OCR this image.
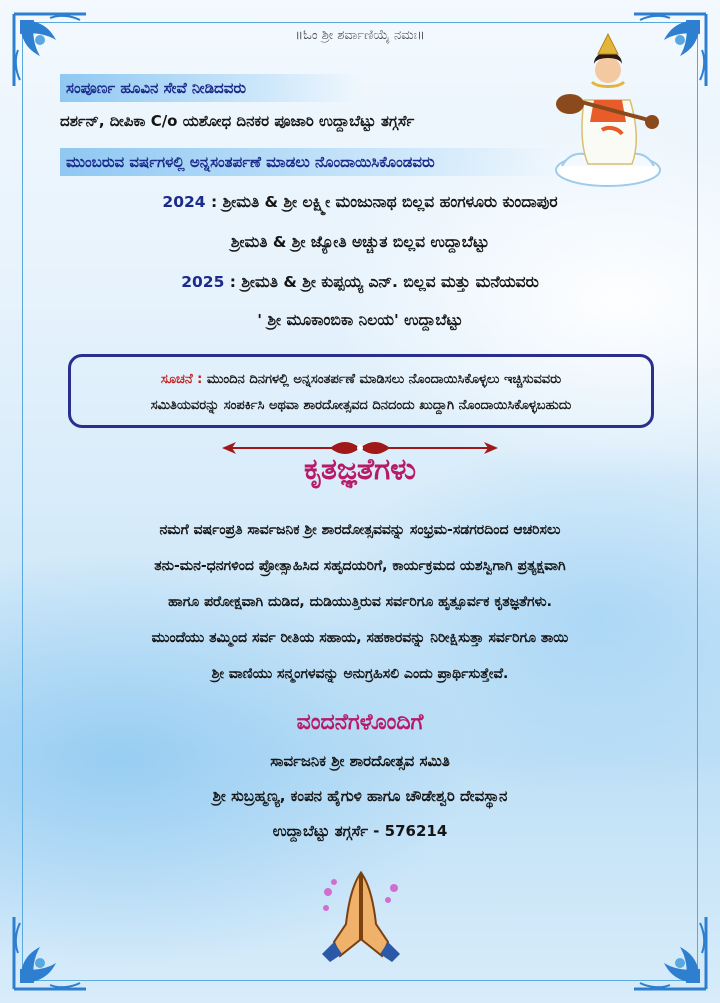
॥ಓಂ ಶ್ರೀ ಶರ್ವಾಣಿಯೈ ನಮಃ॥
ಸಂಪೂರ್ಣ ಹೂವಿನ ಸೇವೆ ನೀಡಿದವರು
ದರ್ಶನ್, ದೀಪಿಕಾ C/o ಯಶೋಧ ದಿನಕರ ಪೂಜಾರಿ ಉದ್ದಾಬೆಟ್ಟು ತಗ್ಗರ್ಸೆ
ಮುಂಬರುವ ವರ್ಷಗಳಲ್ಲಿ ಅನ್ನಸಂತರ್ಪಣೆ ಮಾಡಲು ನೊಂದಾಯಿಸಿಕೊಂಡವರು
2024 : ಶ್ರೀಮತಿ & ಶ್ರೀ ಲಕ್ಷ್ಮೀ ಮಂಜುನಾಥ ಬಿಲ್ಲವ ಹಂಗಳೂರು ಕುಂದಾಪುರ
ಶ್ರೀಮತಿ & ಶ್ರೀ ಜ್ಯೋತಿ ಅಚ್ಚುತ ಬಿಲ್ಲವ ಉದ್ದಾಬೆಟ್ಟು
2025 : ಶ್ರೀಮತಿ & ಶ್ರೀ ಕುಪ್ಪಯ್ಯ ಎನ್. ಬಿಲ್ಲವ ಮತ್ತು ಮನೆಯವರು
' ಶ್ರೀ ಮೂಕಾಂಬಿಕಾ ನಿಲಯ' ಉದ್ದಾಬೆಟ್ಟು
ಸೂಚನೆ : ಮುಂದಿನ ದಿನಗಳಲ್ಲಿ ಅನ್ನಸಂತರ್ಪಣೆ ಮಾಡಿಸಲು ನೊಂದಾಯಿಸಿಕೊಳ್ಳಲು ಇಚ್ಚಿಸುವವರು
ಸಮಿತಿಯವರನ್ನು ಸಂಪರ್ಕಿಸಿ ಅಥವಾ ಶಾರದೋತ್ಸವದ ದಿನದಂದು ಖುದ್ದಾಗಿ ನೊಂದಾಯಿಸಿಕೊಳ್ಳಬಹುದು
ಕೃತಜ್ಞತೆಗಳು
ನಮಗೆ ವರ್ಷಂಪ್ರತಿ ಸಾರ್ವಜನಿಕ ಶ್ರೀ ಶಾರದೋತ್ಸವವನ್ನು ಸಂಭ್ರಮ-ಸಡಗರದಿಂದ ಆಚರಿಸಲು
ತನು-ಮನ-ಧನಗಳಿಂದ ಪ್ರೋತ್ಸಾಹಿಸಿದ ಸಹೃದಯರಿಗೆ, ಕಾರ್ಯಕ್ರಮದ ಯಶಸ್ವಿಗಾಗಿ ಪ್ರತ್ಯಕ್ಷವಾಗಿ
ಹಾಗೂ ಪರೋಕ್ಷವಾಗಿ ದುಡಿದ, ದುಡಿಯುತ್ತಿರುವ ಸರ್ವರಿಗೂ ಹೃತ್ಪೂರ್ವಕ ಕೃತಜ್ಞತೆಗಳು.
ಮುಂದೆಯು ತಮ್ಮಿಂದ ಸರ್ವ ರೀತಿಯ ಸಹಾಯ, ಸಹಕಾರವನ್ನು ನಿರೀಕ್ಷಿಸುತ್ತಾ ಸರ್ವರಿಗೂ ತಾಯಿ
ಶ್ರೀ ವಾಣಿಯು ಸನ್ಮಂಗಳವನ್ನು ಅನುಗ್ರಹಿಸಲಿ ಎಂದು ಪ್ರಾರ್ಥಿಸುತ್ತೇವೆ.
ವಂದನೆಗಳೊಂದಿಗೆ
ಸಾರ್ವಜನಿಕ ಶ್ರೀ ಶಾರದೋತ್ಸವ ಸಮಿತಿ
ಶ್ರೀ ಸುಬ್ರಹ್ಮಣ್ಯ, ಕಂಪನ ಹೈಗುಳಿ ಹಾಗೂ ಚೌಡೇಶ್ವರಿ ದೇವಸ್ಥಾನ
ಉದ್ದಾಬೆಟ್ಟು ತಗ್ಗರ್ಸೆ - 576214
